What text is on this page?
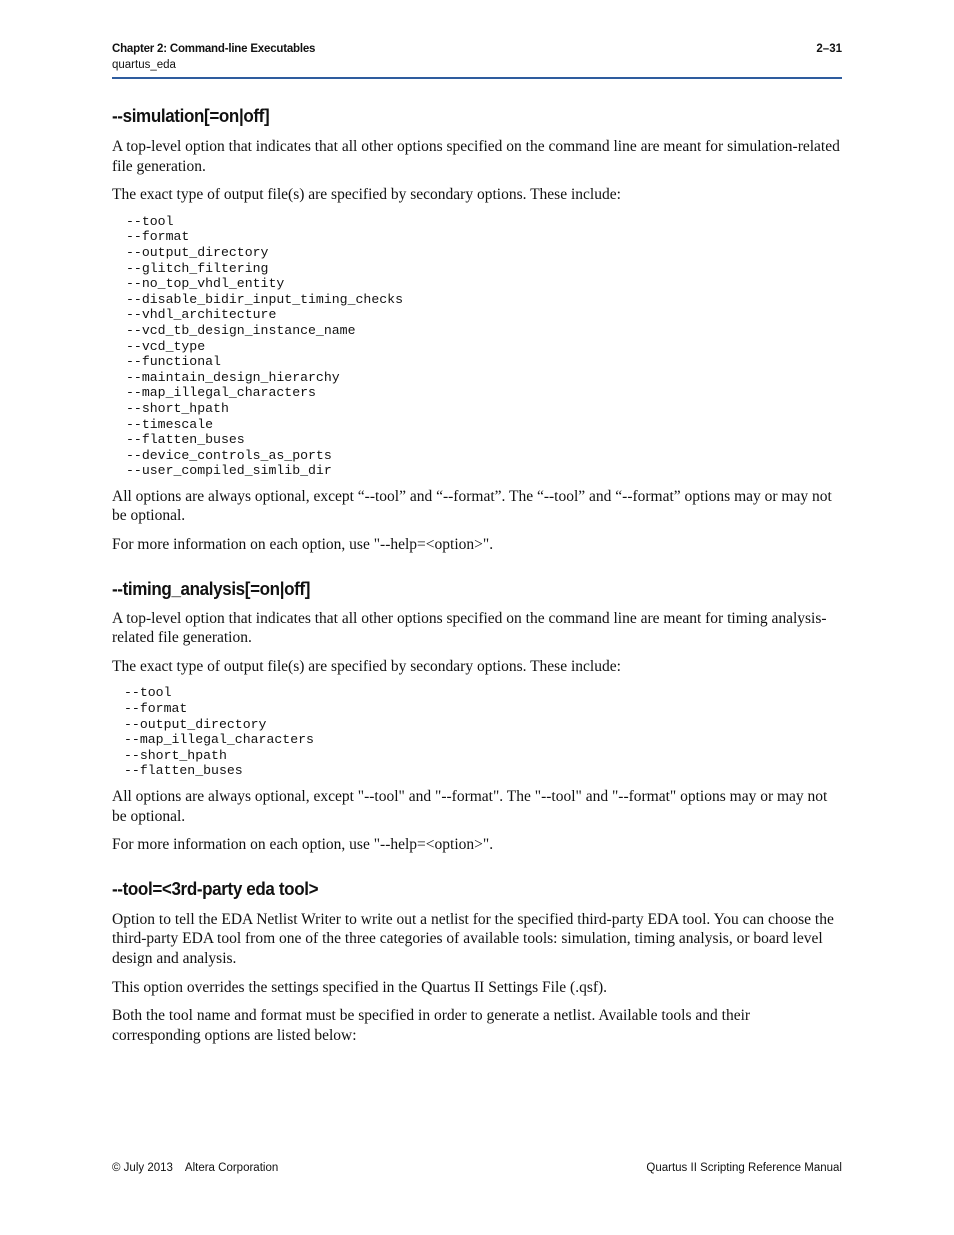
Chapter 2: Command-line Executables
quartus_eda
2–31
--simulation[=on|off]

A top-level option that indicates that all other options specified on the command line are meant for simulation-related file generation.

The exact type of output file(s) are specified by secondary options. These include:

--tool
--format
--output_directory
--glitch_filtering
--no_top_vhdl_entity
--disable_bidir_input_timing_checks
--vhdl_architecture
--vcd_tb_design_instance_name
--vcd_type
--functional
--maintain_design_hierarchy
--map_illegal_characters
--short_hpath
--timescale
--flatten_buses
--device_controls_as_ports
--user_compiled_simlib_dir

All options are always optional, except “--tool” and “--format”. The “--tool” and “--format” options may or may not be optional.

For more information on each option, use "--help=<option>".

--timing_analysis[=on|off]

A top-level option that indicates that all other options specified on the command line are meant for timing analysis- related file generation.

The exact type of output file(s) are specified by secondary options. These include:

--tool
--format
--output_directory
--map_illegal_characters
--short_hpath
--flatten_buses

All options are always optional, except "--tool" and "--format". The "--tool" and "--format" options may or may not be optional.

For more information on each option, use "--help=<option>".

--tool=<3rd-party eda tool>

Option to tell the EDA Netlist Writer to write out a netlist for the specified third-party EDA tool. You can choose the third-party EDA tool from one of the three categories of available tools: simulation, timing analysis, or board level design and analysis.

This option overrides the settings specified in the Quartus II Settings File (.qsf).

Both the tool name and format must be specified in order to generate a netlist. Available tools and their corresponding options are listed below:

© July 2013 Altera Corporation	Quartus II Scripting Reference Manual
